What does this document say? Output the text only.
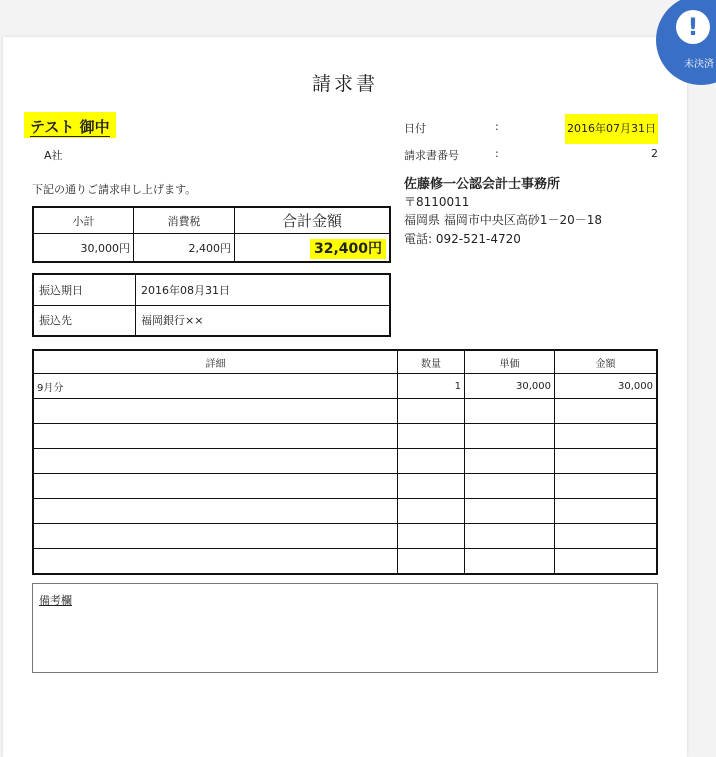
請求書
テスト 御中
A社
下記の通りご請求申し上げます。
小計	消費税	合計金額
30,000円	2,400円	32,400円
振込期日	2016年08月31日
振込先	福岡銀行××
日付	:	2016年07月31日
請求書番号	:	2
佐藤修一公認会計士事務所
〒8110011
福岡県 福岡市中央区高砂1－20－18
電話: 092-521-4720
詳細	数量	単価	金額
9月分	1	30,000	30,000

備考欄
!
未決済
